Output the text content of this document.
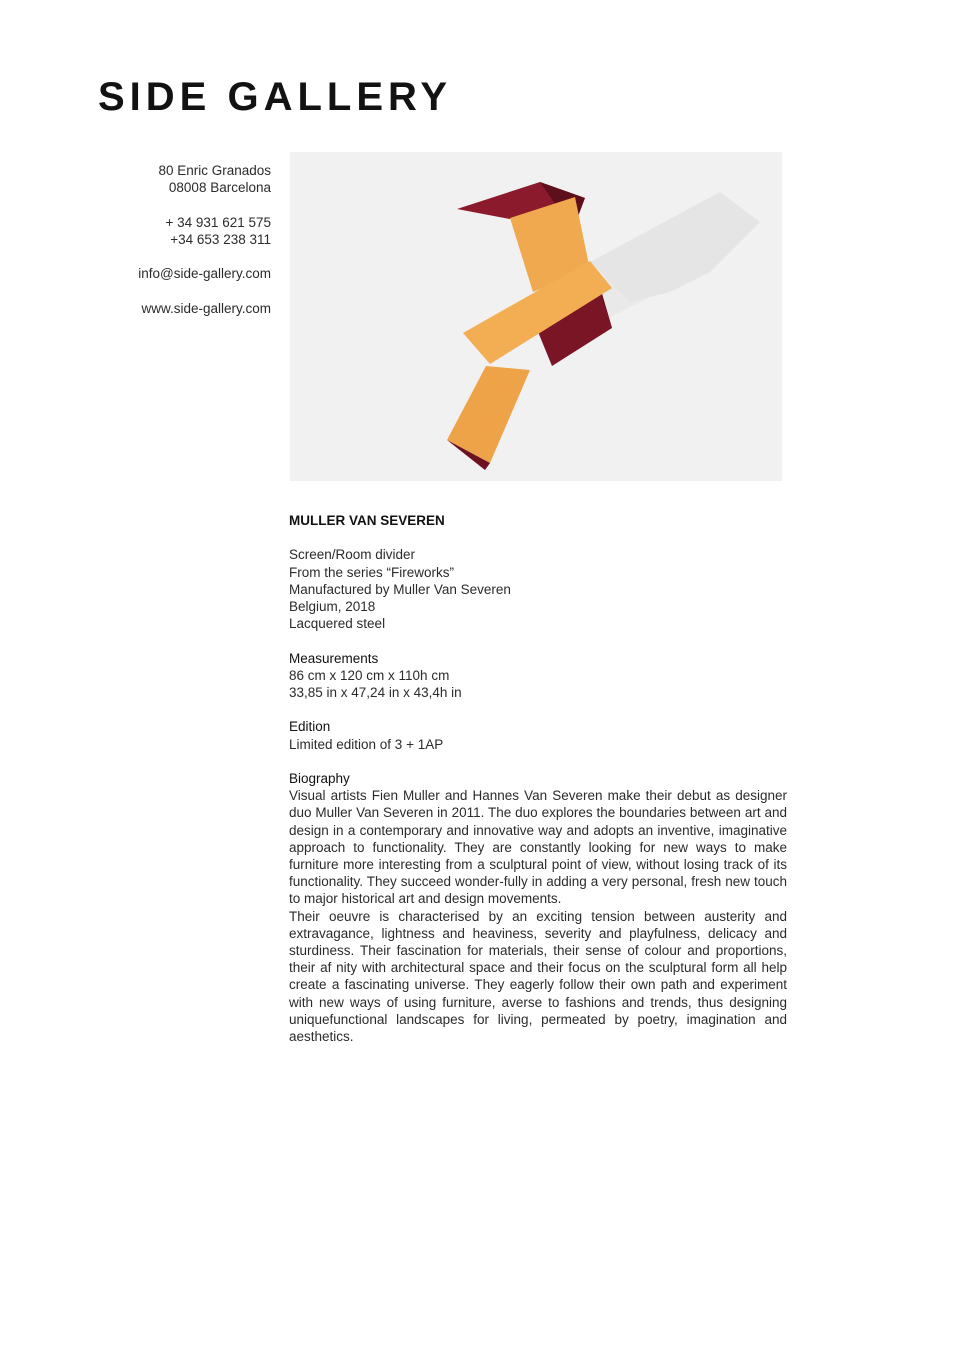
SIDE GALLERY
80 Enric Granados
08008 Barcelona
+ 34 931 621 575
+34 653 238 311
info@side-gallery.com
www.side-gallery.com
MULLER VAN SEVEREN
Screen/Room divider
From the series “Fireworks”
Manufactured by Muller Van Severen
Belgium, 2018
Lacquered steel
Measurements
86 cm x 120 cm x 110h cm
33,85 in x 47,24 in x 43,4h in
Edition
Limited edition of 3 + 1AP
Biography

Visual artists Fien Muller and Hannes Van Severen make their debut as designer duo Muller Van Severen in 2011. The duo explores the boundaries between art and design in a contemporary and innovative way and adopts an inventive, imaginative approach to functionality. They are constantly looking for new ways to make furniture more interesting from a sculptural point of view, without losing track of its functionality. They succeed wonder-fully in adding a very personal, fresh new touch to major historical art and design movements.

Their oeuvre is characterised by an exciting tension between austerity and extravagance, lightness and heaviness, severity and playfulness, delicacy and sturdiness. Their fascination for materials, their sense of colour and proportions, their af nity with architectural space and their focus on the sculptural form all help create a fascinating universe. They eagerly follow their own path and experiment with new ways of using furniture, averse to fashions and trends, thus designing uniquefunctional landscapes for living, permeated by poetry, imagination and aesthetics.
